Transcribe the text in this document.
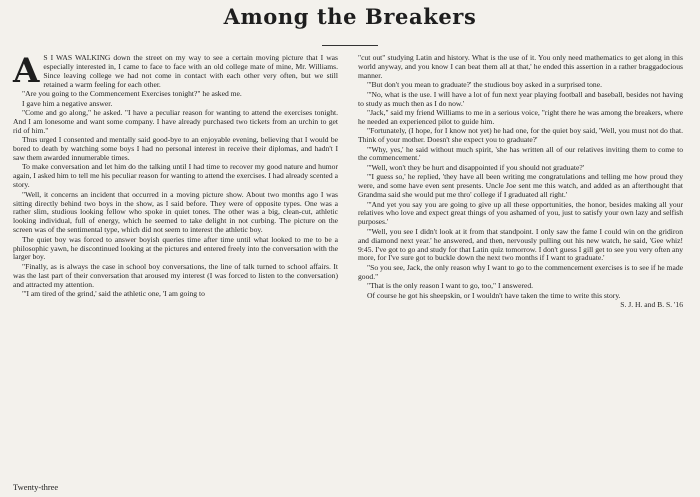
Among the Breakers
A S I WAS WALKING down the street on my way to see a certain moving picture that I was especially interested in, I came to face to face with an old college mate of mine, Mr. Williams. Since leaving college we had not come in contact with each other very often, but we still retained a warm feeling for each other.

"Are you going to the Commencement Exercises tonight?" he asked me.

I gave him a negative answer.

"Come and go along," he asked. "I have a peculiar reason for wanting to attend the exercises tonight. And I am lonesome and want some company. I have already purchased two tickets from an urchin to get rid of him."

Thus urged I consented and mentally said good-bye to an enjoyable evening, believing that I would be bored to death by watching some boys I had no personal interest in receive their diplomas, and hadn't I saw them awarded innumerable times.

To make conversation and let him do the talking until I had time to recover my good nature and humor again, I asked him to tell me his peculiar reason for wanting to attend the exercises. I had already scented a story.

"Well, it concerns an incident that occurred in a moving picture show. About two months ago I was sitting directly behind two boys in the show, as I said before. They were of opposite types. One was a rather slim, studious looking fellow who spoke in quiet tones. The other was a big, clean-cut, athletic looking individual, full of energy, which he seemed to take delight in not curbing. The picture on the screen was of the sentimental type, which did not seem to interest the athletic boy.

The quiet boy was forced to answer boyish queries time after time until what looked to me to be a philosophic yawn, he discontinued looking at the pictures and entered freely into the conversation with the larger boy.

"Finally, as is always the case in school boy conversations, the line of talk turned to school affairs. It was the last part of their conversation that aroused my interest (I was forced to listen to the conversation) and attracted my attention.

"'I am tired of the grind,' said the athletic one, 'I am going to

"cut out" studying Latin and history. What is the use of it. You only need mathematics to get along in this world anyway, and you know I can beat them all at that,' he ended this assertion in a rather braggadocious manner.

"'But don't you mean to graduate?' the studious boy asked in a surprised tone.

"'No, what is the use. I will have a lot of fun next year playing football and baseball, besides not having to study as much then as I do now.'

"Jack," said my friend Williams to me in a serious voice, "right there he was among the breakers, where he needed an experienced pilot to guide him.

"Fortunately, (I hope, for I know not yet) he had one, for the quiet boy said, 'Well, you must not do that. Think of your mother. Doesn't she expect you to graduate?'

"'Why, yes,' he said without much spirit, 'she has written all of our relatives inviting them to come to the commencement.'

"'Well, won't they be hurt and disappointed if you should not graduate?'

"'I guess so,' he replied, 'they have all been writing me congratulations and telling me how proud they were, and some have even sent presents. Uncle Joe sent me this watch, and added as an afterthought that Grandma said she would put me thro' college if I graduated all right.'

"'And yet you say you are going to give up all these opportunities, the honor, besides making all your relatives who love and expect great things of you ashamed of you, just to satisfy your own lazy and selfish purposes.'

"'Well, you see I didn't look at it from that standpoint. I only saw the fame I could win on the gridiron and diamond next year.' he answered, and then, nervously pulling out his new watch, he said, 'Gee whiz! 9:45. I've got to go and study for that Latin quiz tomorrow. I don't guess I gill get to see you very often any more, for I've sure got to buckle down the next two months if I want to graduate.'

"So you see, Jack, the only reason why I want to go to the commencement exercises is to see if he made good."

"That is the only reason I want to go, too," I answered.

Of course he got his sheepskin, or I wouldn't have taken the time to write this story.

S. J. H. and B. S. '16

Twenty-three
